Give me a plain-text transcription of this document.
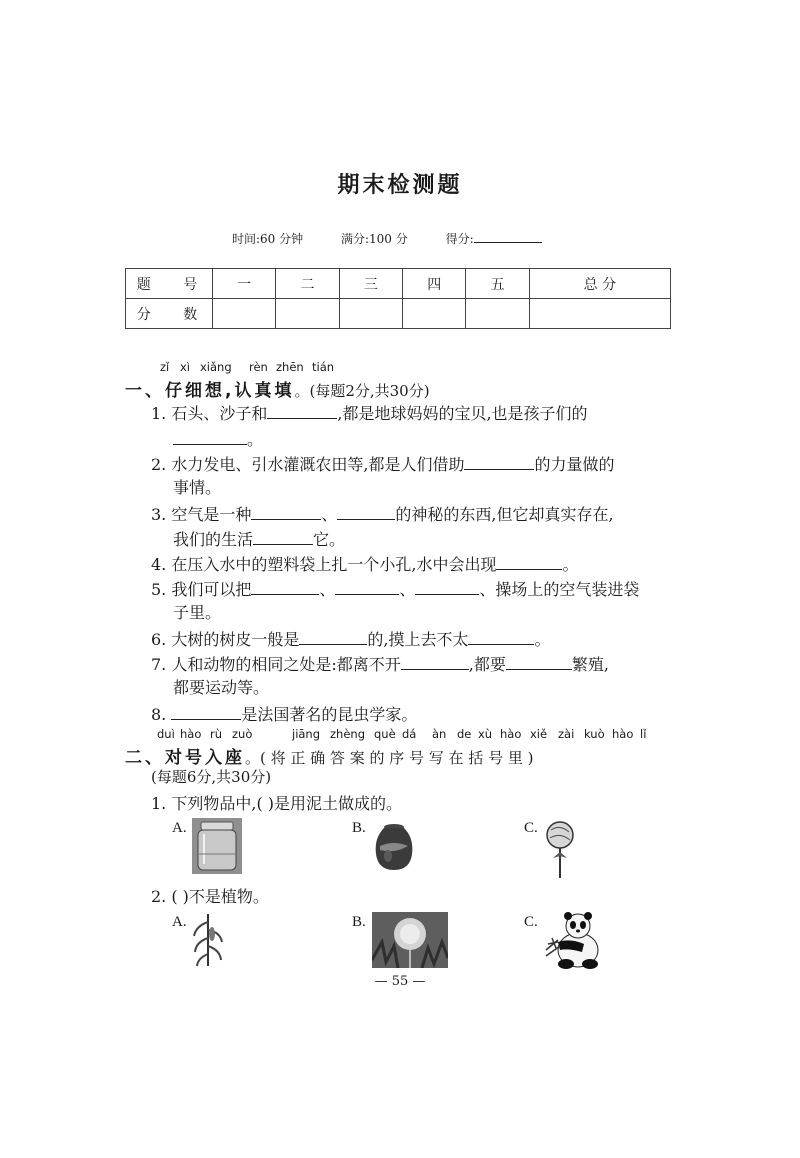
期末检测题
时间:60 分钟	满分:100 分	得分:
题 号	一	二	三	四	五	总 分
分 数						
zǐ xì xiǎng rèn zhēn tián
一、仔细想,认真填。(每题2分,共30分)
1. 石头、沙子和	,都是地球妈妈的宝贝,也是孩子们的
。
2. 水力发电、引水灌溉农田等,都是人们借助	的力量做的
事情。
3. 空气是一种	、	的神秘的东西,但它却真实存在,
我们的生活	它。
4. 在压入水中的塑料袋上扎一个小孔,水中会出现	。
5. 我们可以把	、	、	、操场上的空气装进袋
子里。
6. 大树的树皮一般是	的,摸上去不太	。
7. 人和动物的相同之处是:都离不开	,都要	繁殖,
都要运动等。
8.	是法国著名的昆虫学家。
duì hào rù zuò	jiāng zhèng què dá àn de xù hào xiě zài kuò hào lǐ
二、对号入座。( 将 正 确 答 案 的 序 号 写 在 括 号 里 )
(每题6分,共30分)
1. 下列物品中,( )是用泥土做成的。
A.	B.	C.
2. ( )不是植物。
A.	B.	C.
— 55 —
